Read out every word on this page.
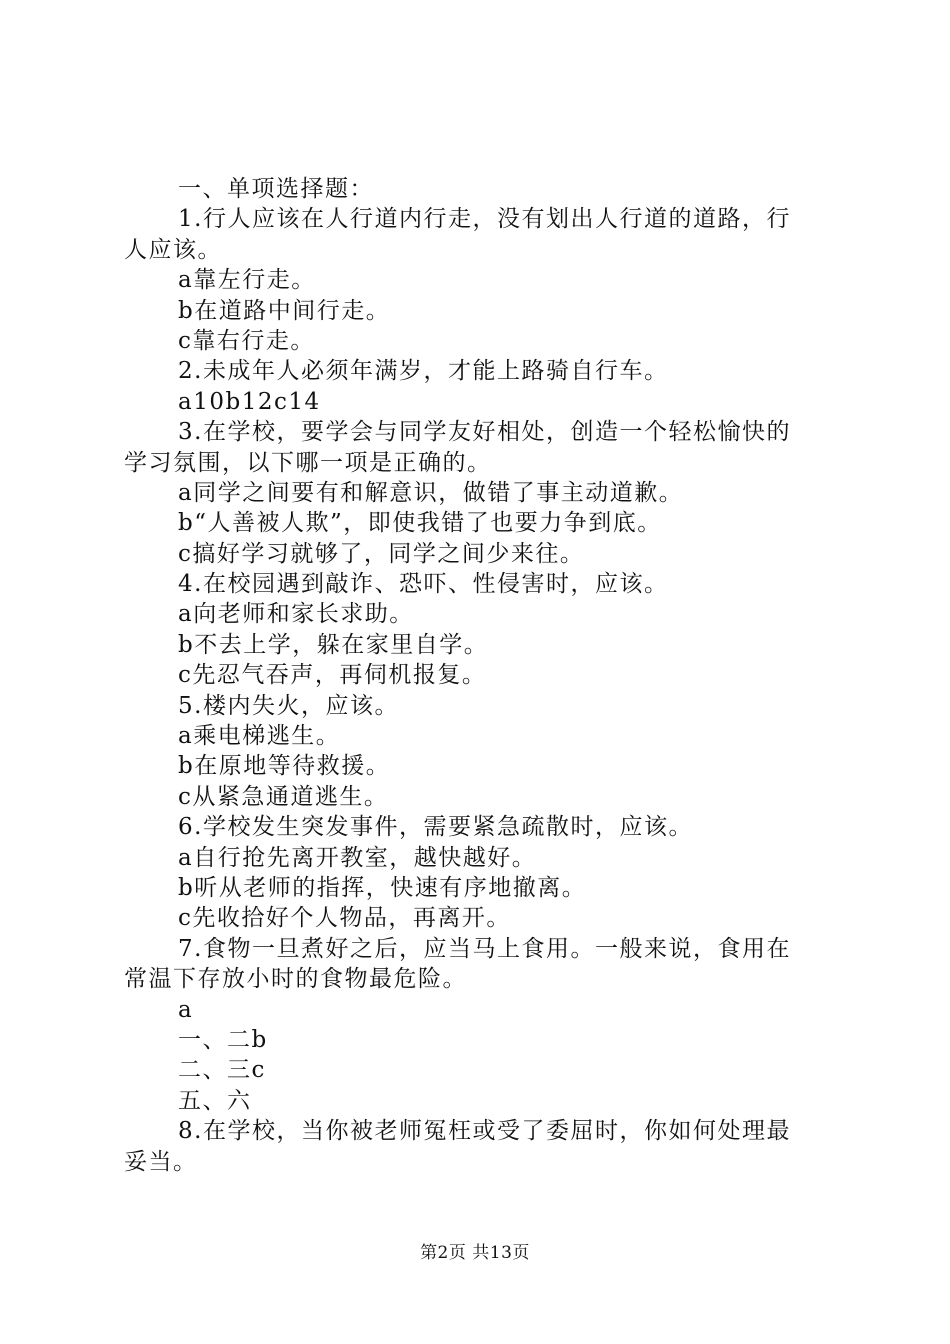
一、单项选择题：
1.行人应该在人行道内行走，没有划出人行道的道路，行
人应该。
a靠左行走。
b在道路中间行走。
c靠右行走。
2.未成年人必须年满岁，才能上路骑自行车。
a10b12c14
3.在学校，要学会与同学友好相处，创造一个轻松愉快的
学习氛围，以下哪一项是正确的。
a同学之间要有和解意识，做错了事主动道歉。
b“人善被人欺”，即使我错了也要力争到底。
c搞好学习就够了，同学之间少来往。
4.在校园遇到敲诈、恐吓、性侵害时，应该。
a向老师和家长求助。
b不去上学，躲在家里自学。
c先忍气吞声，再伺机报复。
5.楼内失火，应该。
a乘电梯逃生。
b在原地等待救援。
c从紧急通道逃生。
6.学校发生突发事件，需要紧急疏散时，应该。
a自行抢先离开教室，越快越好。
b听从老师的指挥，快速有序地撤离。
c先收拾好个人物品，再离开。
7.食物一旦煮好之后，应当马上食用。一般来说，食用在
常温下存放小时的食物最危险。
a
一、二b
二、三c
五、六
8.在学校，当你被老师冤枉或受了委屈时，你如何处理最
妥当。
第2页 共13页
